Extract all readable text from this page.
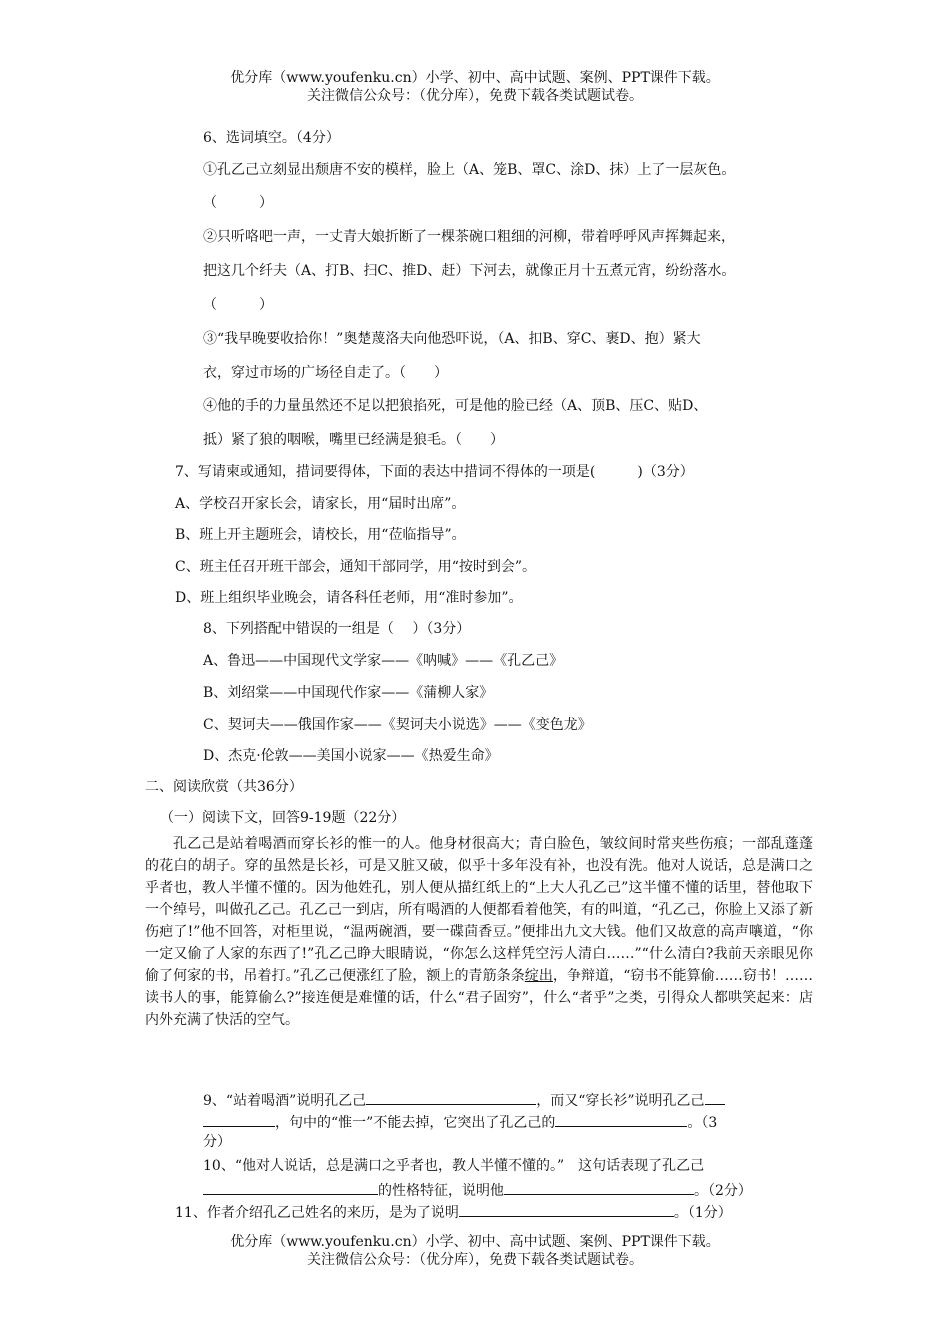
优分库（www.youfenku.cn）小学、初中、高中试题、案例、PPT课件下载。
关注微信公众号：（优分库），免费下载各类试题试卷。
6、选词填空。（4分）
①孔乙己立刻显出颓唐不安的模样，脸上（A、笼B、罩C、涂D、抹）上了一层灰色。
（　　　）
②只听咯吧一声，一丈青大娘折断了一棵茶碗口粗细的河柳，带着呼呼风声挥舞起来，
把这几个纤夫（A、打B、扫C、推D、赶）下河去，就像正月十五煮元宵，纷纷落水。
（　　　）
③“我早晚要收拾你！”奥楚蔑洛夫向他恐吓说，（A、扣B、穿C、裹D、抱）紧大
衣，穿过市场的广场径自走了。（　　）
④他的手的力量虽然还不足以把狼掐死，可是他的脸已经（A、顶B、压C、贴D、
抵）紧了狼的咽喉，嘴里已经满是狼毛。（　　）
7、写请柬或通知，措词要得体，下面的表达中措词不得体的一项是(　　　)（3分）
A、学校召开家长会，请家长，用“届时出席”。
B、班上开主题班会，请校长，用“莅临指导”。
C、班主任召开班干部会，通知干部同学，用“按时到会”。
D、班上组织毕业晚会，请各科任老师，用“准时参加”。
8、下列搭配中错误的一组是（　 ）（3分）
A、鲁迅——中国现代文学家——《呐喊》——《孔乙己》
B、刘绍棠——中国现代作家——《蒲柳人家》
C、契诃夫——俄国作家——《契诃夫小说选》——《变色龙》
D、杰克·伦敦——美国小说家——《热爱生命》
二、阅读欣赏（共36分）
（一）阅读下文，回答9-19题（22分）
孔乙己是站着喝酒而穿长衫的惟一的人。他身材很高大；青白脸色，皱纹间时常夹些伤痕；一部乱蓬蓬的花白的胡子。穿的虽然是长衫，可是又脏又破，似乎十多年没有补，也没有洗。他对人说话，总是满口之乎者也，教人半懂不懂的。因为他姓孔，别人便从描红纸上的“上大人孔乙己”这半懂不懂的话里，替他取下一个绰号，叫做孔乙己。孔乙己一到店，所有喝酒的人便都看着他笑，有的叫道，“孔乙己，你脸上又添了新伤疤了!”他不回答，对柜里说，“温两碗酒，要一碟茴香豆。”便排出九文大钱。他们又故意的高声嚷道，“你一定又偷了人家的东西了!”孔乙己睁大眼睛说，“你怎么这样凭空污人清白……”“什么清白?我前天亲眼见你偷了何家的书，吊着打。”孔乙己便涨红了脸，额上的青筋条条绽出，争辩道，“窃书不能算偷……窃书！……读书人的事，能算偷么?”接连便是难懂的话，什么“君子固穷”，什么“者乎”之类，引得众人都哄笑起来：店内外充满了快活的空气。
9、“站着喝酒”说明孔乙己	，而又“穿长衫”说明孔乙己
，句中的“惟一”不能去掉，它突出了孔乙己的	。（3
分）
10、“他对人说话，总是满口之乎者也，教人半懂不懂的。”　这句话表现了孔乙己
的性格特征，说明他	。（2分）
11、作者介绍孔乙己姓名的来历，是为了说明	。（1分）
优分库（www.youfenku.cn）小学、初中、高中试题、案例、PPT课件下载。
关注微信公众号：（优分库），免费下载各类试题试卷。
